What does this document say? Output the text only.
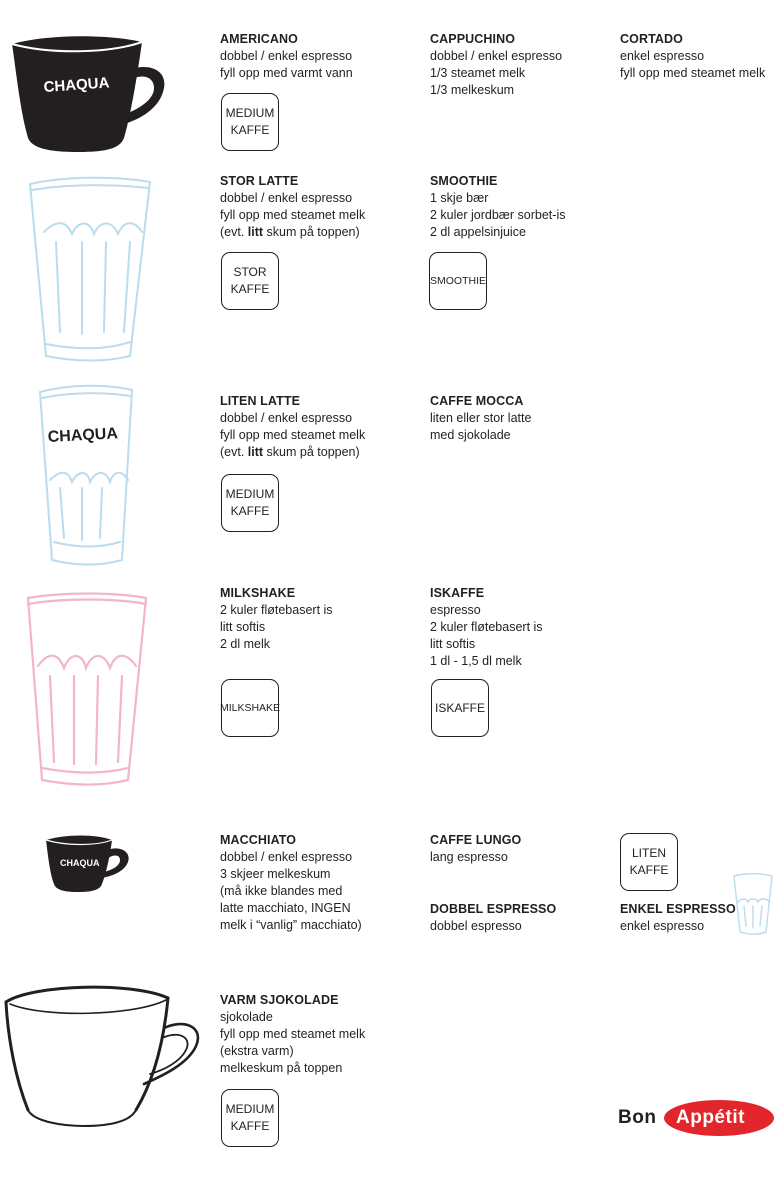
CHAQUA
CHAQUA
CHAQUA
AMERICANO
dobbel / enkel espresso
fyll opp med varmt vann
CAPPUCHINO
dobbel / enkel espresso
1/3 steamet melk
1/3 melkeskum
CORTADO
enkel espresso
fyll opp med steamet melk
STOR LATTE
dobbel / enkel espresso
fyll opp med steamet melk
(evt. litt skum på toppen)
SMOOTHIE
1 skje bær
2 kuler jordbær sorbet-is
2 dl appelsinjuice
LITEN LATTE
dobbel / enkel espresso
fyll opp med steamet melk
(evt. litt skum på toppen)
CAFFE MOCCA
liten eller stor latte
med sjokolade
MILKSHAKE
2 kuler fløtebasert is
litt softis
2 dl melk
ISKAFFE
espresso
2 kuler fløtebasert is
litt softis
1 dl - 1,5 dl melk
MACCHIATO
dobbel / enkel espresso
3 skjeer melkeskum
(må ikke blandes med
latte macchiato, INGEN
melk i “vanlig” macchiato)
CAFFE LUNGO
lang espresso
DOBBEL ESPRESSO
dobbel espresso
ENKEL ESPRESSO
enkel espresso
VARM SJOKOLADE
sjokolade
fyll opp med steamet melk
(ekstra varm)
melkeskum på toppen
MEDIUM
KAFFE
STOR
KAFFE
SMOOTHIE
MEDIUM
KAFFE
MILKSHAKE	ISKAFFE
LITEN
KAFFE
MEDIUM
KAFFE	Bon Appétit
